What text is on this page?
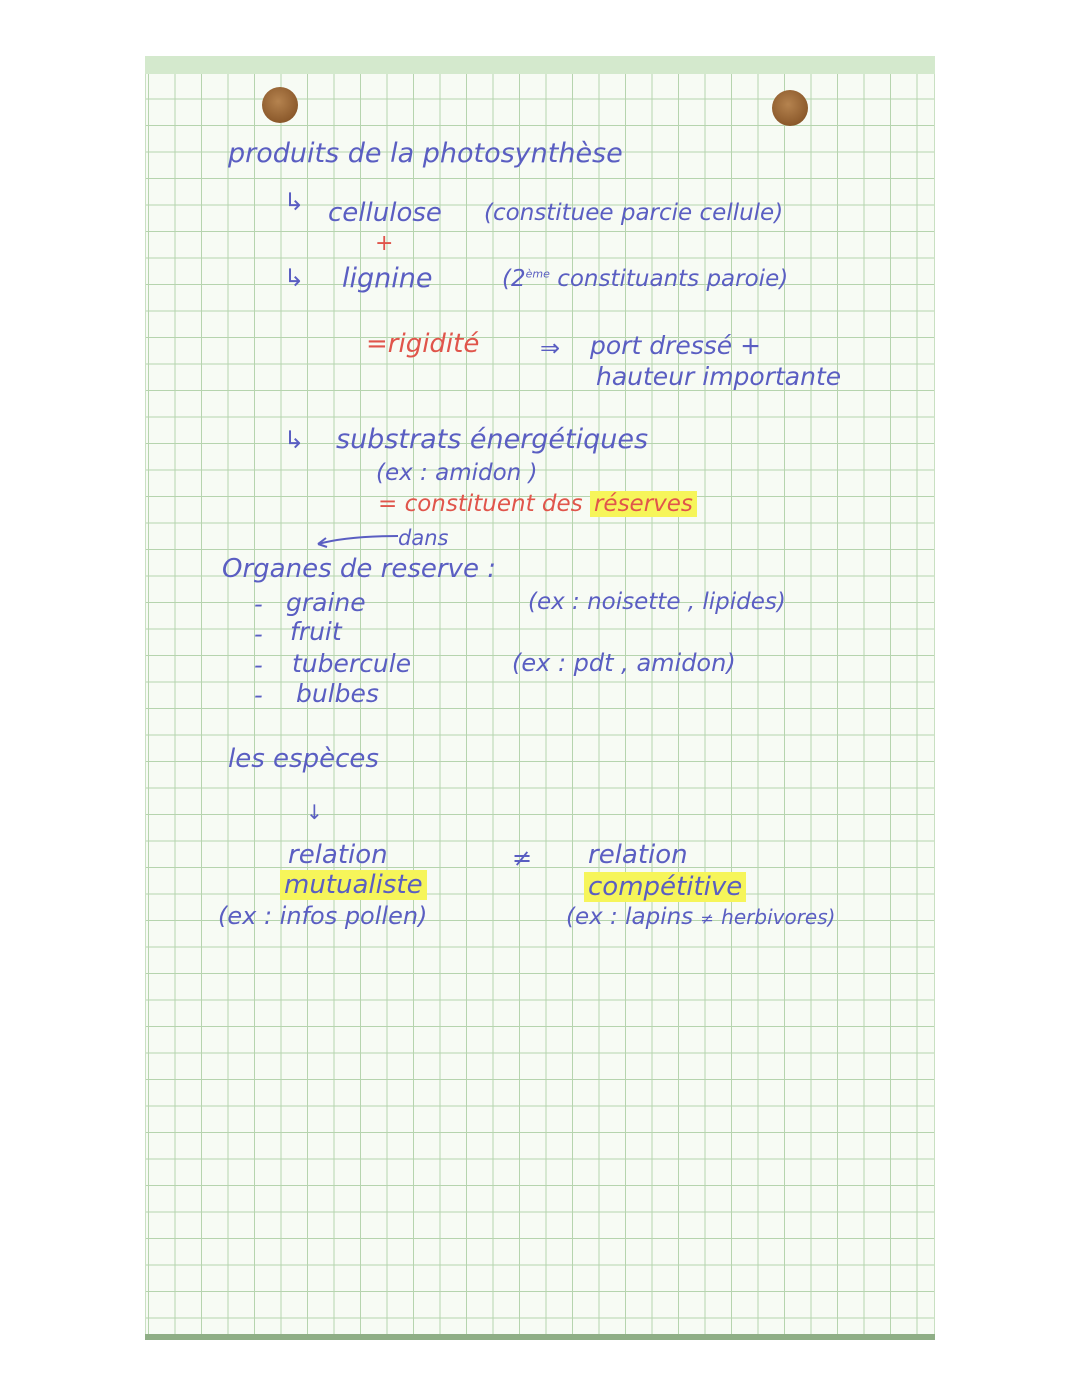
produits de la photosynthèse
↳ cellulose (constituee parcie cellule)
+
↳ lignine	(2ème constituants paroie)
=rigidité	⇒ port dressé +
hauteur importante
↳ substrats énergétiques
(ex : amidon )
= constituent des réserves
dans
Organes de reserve :
- graine
- fruit
- tubercule
- bulbes
(ex : noisette , lipides)
(ex : pdt , amidon)
les espèces
↓
relation
mutualiste
(ex : infos pollen)
≠ relation
compétitive
(ex : lapins ≠ herbivores)
